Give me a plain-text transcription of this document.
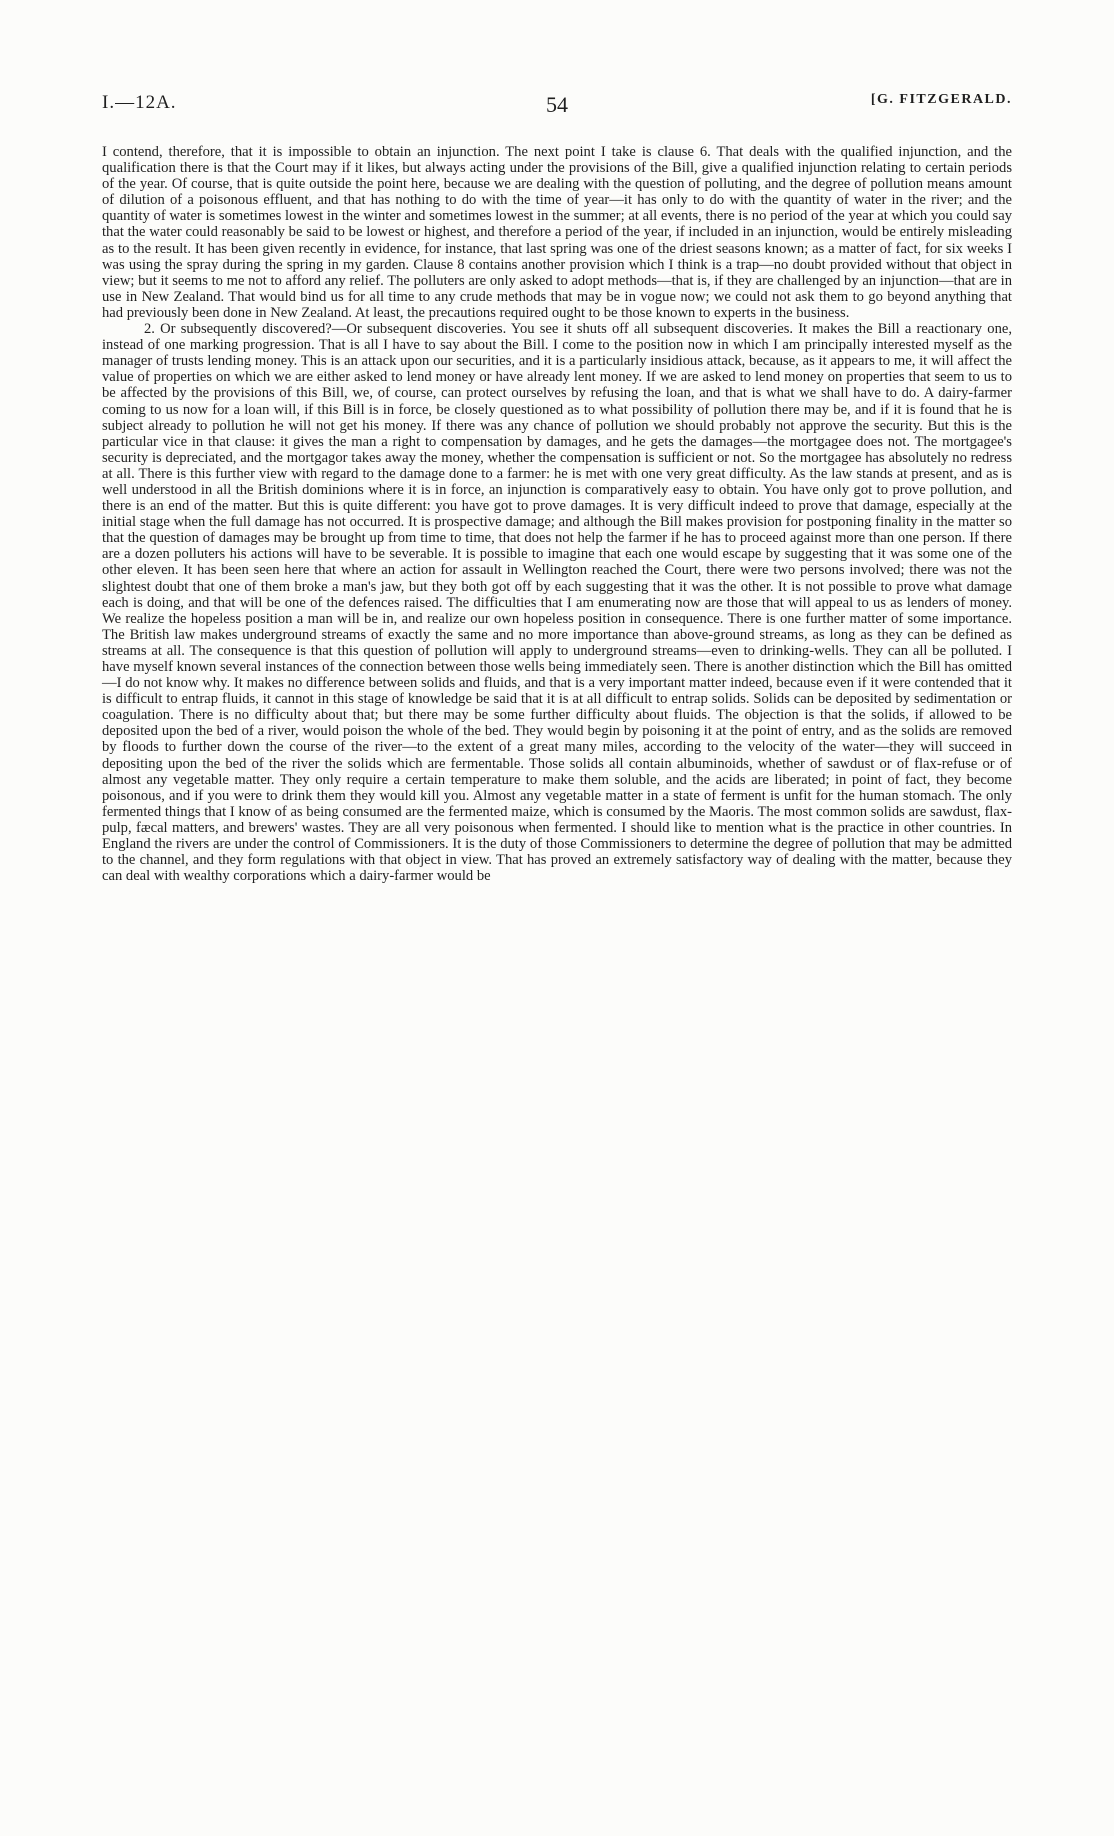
I.—12A.	54	[G. FITZGERALD.

I contend, therefore, that it is impossible to obtain an injunction. The next point I take is clause 6. That deals with the qualified injunction, and the qualification there is that the Court may if it likes, but always acting under the provisions of the Bill, give a qualified injunction relating to certain periods of the year. Of course, that is quite outside the point here, because we are dealing with the question of polluting, and the degree of pollution means amount of dilution of a poisonous effluent, and that has nothing to do with the time of year—it has only to do with the quantity of water in the river; and the quantity of water is sometimes lowest in the winter and sometimes lowest in the summer; at all events, there is no period of the year at which you could say that the water could reasonably be said to be lowest or highest, and therefore a period of the year, if included in an injunction, would be entirely misleading as to the result. It has been given recently in evidence, for instance, that last spring was one of the driest seasons known; as a matter of fact, for six weeks I was using the spray during the spring in my garden. Clause 8 contains another provision which I think is a trap—no doubt provided without that object in view; but it seems to me not to afford any relief. The polluters are only asked to adopt methods—that is, if they are challenged by an injunction—that are in use in New Zealand. That would bind us for all time to any crude methods that may be in vogue now; we could not ask them to go beyond anything that had previously been done in New Zealand. At least, the precautions required ought to be those known to experts in the business.

2. Or subsequently discovered?—Or subsequent discoveries. You see it shuts off all subsequent discoveries. It makes the Bill a reactionary one, instead of one marking progression. That is all I have to say about the Bill. I come to the position now in which I am principally interested myself as the manager of trusts lending money. This is an attack upon our securities, and it is a particularly insidious attack, because, as it appears to me, it will affect the value of properties on which we are either asked to lend money or have already lent money. If we are asked to lend money on properties that seem to us to be affected by the provisions of this Bill, we, of course, can protect ourselves by refusing the loan, and that is what we shall have to do. A dairy-farmer coming to us now for a loan will, if this Bill is in force, be closely questioned as to what possibility of pollution there may be, and if it is found that he is subject already to pollution he will not get his money. If there was any chance of pollution we should probably not approve the security. But this is the particular vice in that clause: it gives the man a right to compensation by damages, and he gets the damages—the mortgagee does not. The mortgagee's security is depreciated, and the mortgagor takes away the money, whether the compensation is sufficient or not. So the mortgagee has absolutely no redress at all. There is this further view with regard to the damage done to a farmer: he is met with one very great difficulty. As the law stands at present, and as is well understood in all the British dominions where it is in force, an injunction is comparatively easy to obtain. You have only got to prove pollution, and there is an end of the matter. But this is quite different: you have got to prove damages. It is very difficult indeed to prove that damage, especially at the initial stage when the full damage has not occurred. It is prospective damage; and although the Bill makes provision for postponing finality in the matter so that the question of damages may be brought up from time to time, that does not help the farmer if he has to proceed against more than one person. If there are a dozen polluters his actions will have to be severable. It is possible to imagine that each one would escape by suggesting that it was some one of the other eleven. It has been seen here that where an action for assault in Wellington reached the Court, there were two persons involved; there was not the slightest doubt that one of them broke a man's jaw, but they both got off by each suggesting that it was the other. It is not possible to prove what damage each is doing, and that will be one of the defences raised. The difficulties that I am enumerating now are those that will appeal to us as lenders of money. We realize the hopeless position a man will be in, and realize our own hopeless position in consequence. There is one further matter of some importance. The British law makes underground streams of exactly the same and no more importance than above-ground streams, as long as they can be defined as streams at all. The consequence is that this question of pollution will apply to underground streams—even to drinking-wells. They can all be polluted. I have myself known several instances of the connection between those wells being immediately seen. There is another distinction which the Bill has omitted—I do not know why. It makes no difference between solids and fluids, and that is a very important matter indeed, because even if it were contended that it is difficult to entrap fluids, it cannot in this stage of knowledge be said that it is at all difficult to entrap solids. Solids can be deposited by sedimentation or coagulation. There is no difficulty about that; but there may be some further difficulty about fluids. The objection is that the solids, if allowed to be deposited upon the bed of a river, would poison the whole of the bed. They would begin by poisoning it at the point of entry, and as the solids are removed by floods to further down the course of the river—to the extent of a great many miles, according to the velocity of the water—they will succeed in depositing upon the bed of the river the solids which are fermentable. Those solids all contain albuminoids, whether of sawdust or of flax-refuse or of almost any vegetable matter. They only require a certain temperature to make them soluble, and the acids are liberated; in point of fact, they become poisonous, and if you were to drink them they would kill you. Almost any vegetable matter in a state of ferment is unfit for the human stomach. The only fermented things that I know of as being consumed are the fermented maize, which is consumed by the Maoris. The most common solids are sawdust, flax-pulp, fæcal matters, and brewers' wastes. They are all very poisonous when fermented. I should like to mention what is the practice in other countries. In England the rivers are under the control of Commissioners. It is the duty of those Commissioners to determine the degree of pollution that may be admitted to the channel, and they form regulations with that object in view. That has proved an extremely satisfactory way of dealing with the matter, because they can deal with wealthy corporations which a dairy-farmer would be
